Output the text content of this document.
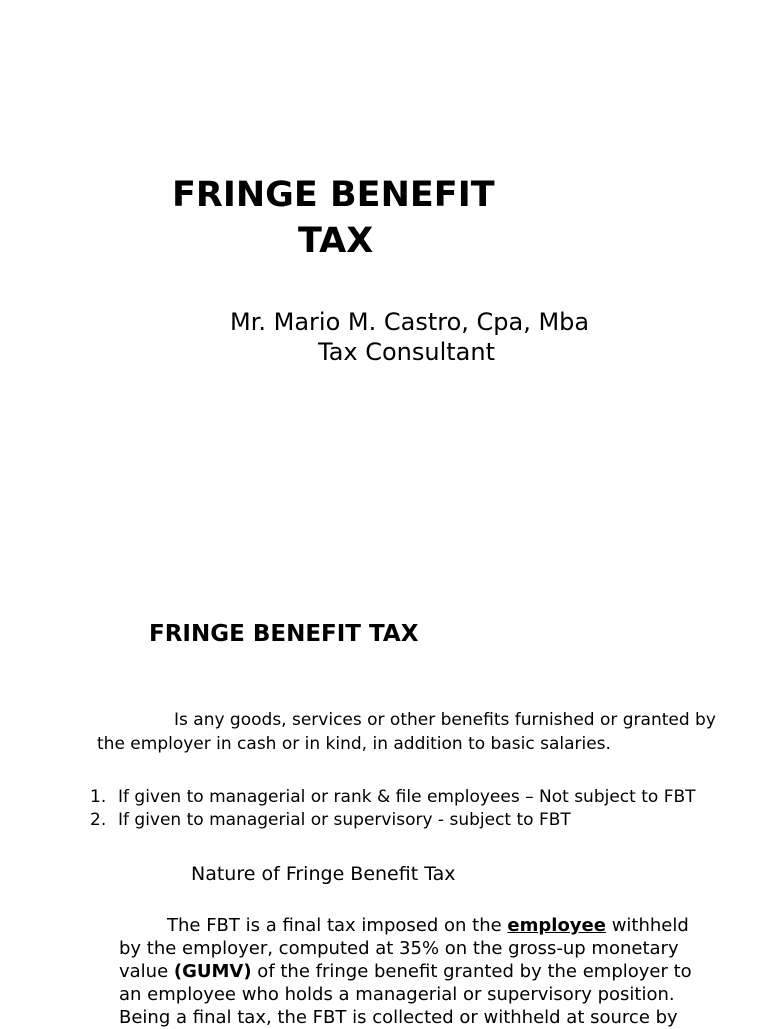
FRINGE BENEFIT
TAX
Mr. Mario M. Castro, Cpa, Mba
Tax Consultant
FRINGE BENEFIT TAX
Is any goods, services or other benefits furnished or granted by
the employer in cash or in kind, in addition to basic salaries.
1. If given to managerial or rank & file employees – Not subject to FBT
2. If given to managerial or supervisory - subject to FBT
Nature of Fringe Benefit Tax
The FBT is a final tax imposed on the employee withheld
by the employer, computed at 35% on the gross-up monetary
value (GUMV) of the fringe benefit granted by the employer to
an employee who holds a managerial or supervisory position.
Being a final tax, the FBT is collected or withheld at source by
